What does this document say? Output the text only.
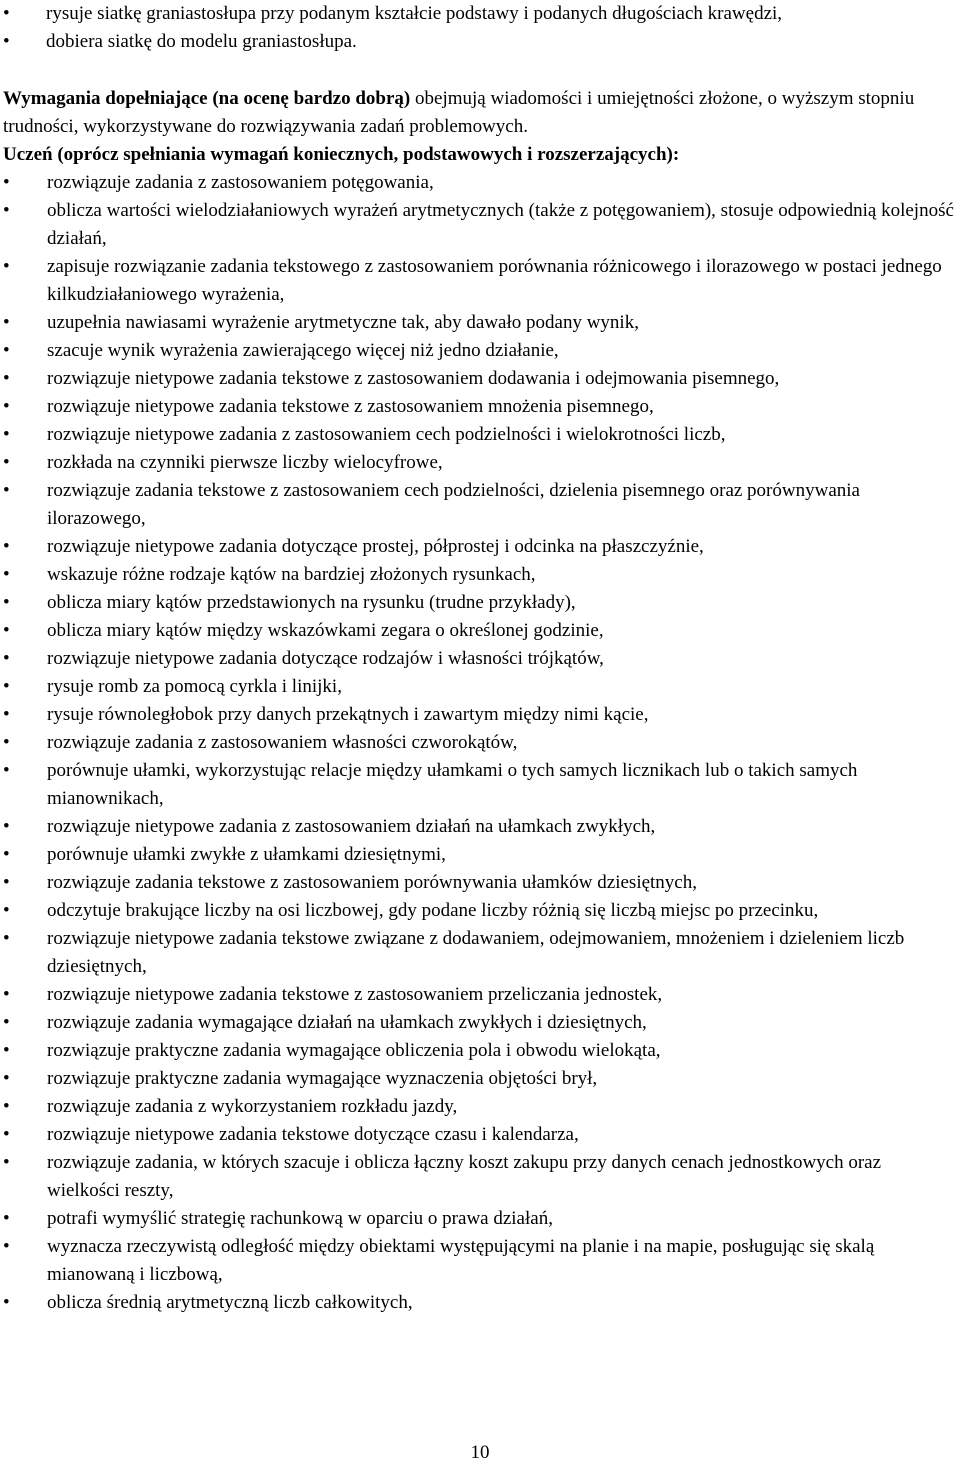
• rysuje siatkę graniastosłupa przy podanym kształcie podstawy i podanych długościach krawędzi,
• dobiera siatkę do modelu graniastosłupa.

Wymagania dopełniające (na ocenę bardzo dobrą) obejmują wiadomości i umiejętności złożone, o wyższym stopniu trudności, wykorzystywane do rozwiązywania zadań problemowych.

Uczeń (oprócz spełniania wymagań koniecznych, podstawowych i rozszerzających):

• rozwiązuje zadania z zastosowaniem potęgowania,
• oblicza wartości wielodziałaniowych wyrażeń arytmetycznych (także z potęgowaniem), stosuje odpowiednią kolejność działań,
• zapisuje rozwiązanie zadania tekstowego z zastosowaniem porównania różnicowego i ilorazowego w postaci jednego kilkudziałaniowego wyrażenia,
• uzupełnia nawiasami wyrażenie arytmetyczne tak, aby dawało podany wynik,
• szacuje wynik wyrażenia zawierającego więcej niż jedno działanie,
• rozwiązuje nietypowe zadania tekstowe z zastosowaniem dodawania i odejmowania pisemnego,
• rozwiązuje nietypowe zadania tekstowe z zastosowaniem mnożenia pisemnego,
• rozwiązuje nietypowe zadania z zastosowaniem cech podzielności i wielokrotności liczb,
• rozkłada na czynniki pierwsze liczby wielocyfrowe,
• rozwiązuje zadania tekstowe z zastosowaniem cech podzielności, dzielenia pisemnego oraz porównywania ilorazowego,
• rozwiązuje nietypowe zadania dotyczące prostej, półprostej i odcinka na płaszczyźnie,
• wskazuje różne rodzaje kątów na bardziej złożonych rysunkach,
• oblicza miary kątów przedstawionych na rysunku (trudne przykłady),
• oblicza miary kątów między wskazówkami zegara o określonej godzinie,
• rozwiązuje nietypowe zadania dotyczące rodzajów i własności trójkątów,
• rysuje romb za pomocą cyrkla i linijki,
• rysuje równoległobok przy danych przekątnych i zawartym między nimi kącie,
• rozwiązuje zadania z zastosowaniem własności czworokątów,
• porównuje ułamki, wykorzystując relacje między ułamkami o tych samych licznikach lub o takich samych mianownikach,
• rozwiązuje nietypowe zadania z zastosowaniem działań na ułamkach zwykłych,
• porównuje ułamki zwykłe z ułamkami dziesiętnymi,
• rozwiązuje zadania tekstowe z zastosowaniem porównywania ułamków dziesiętnych,
• odczytuje brakujące liczby na osi liczbowej, gdy podane liczby różnią się liczbą miejsc po przecinku,
• rozwiązuje nietypowe zadania tekstowe związane z dodawaniem, odejmowaniem, mnożeniem i dzieleniem liczb dziesiętnych,
• rozwiązuje nietypowe zadania tekstowe z zastosowaniem przeliczania jednostek,
• rozwiązuje zadania wymagające działań na ułamkach zwykłych i dziesiętnych,
• rozwiązuje praktyczne zadania wymagające obliczenia pola i obwodu wielokąta,
• rozwiązuje praktyczne zadania wymagające wyznaczenia objętości brył,
• rozwiązuje zadania z wykorzystaniem rozkładu jazdy,
• rozwiązuje nietypowe zadania tekstowe dotyczące czasu i kalendarza,
• rozwiązuje zadania, w których szacuje i oblicza łączny koszt zakupu przy danych cenach jednostkowych oraz wielkości reszty,
• potrafi wymyślić strategię rachunkową w oparciu o prawa działań,
• wyznacza rzeczywistą odległość między obiektami występującymi na planie i na mapie, posługując się skalą mianowaną i liczbową,
• oblicza średnią arytmetyczną liczb całkowitych,
10
